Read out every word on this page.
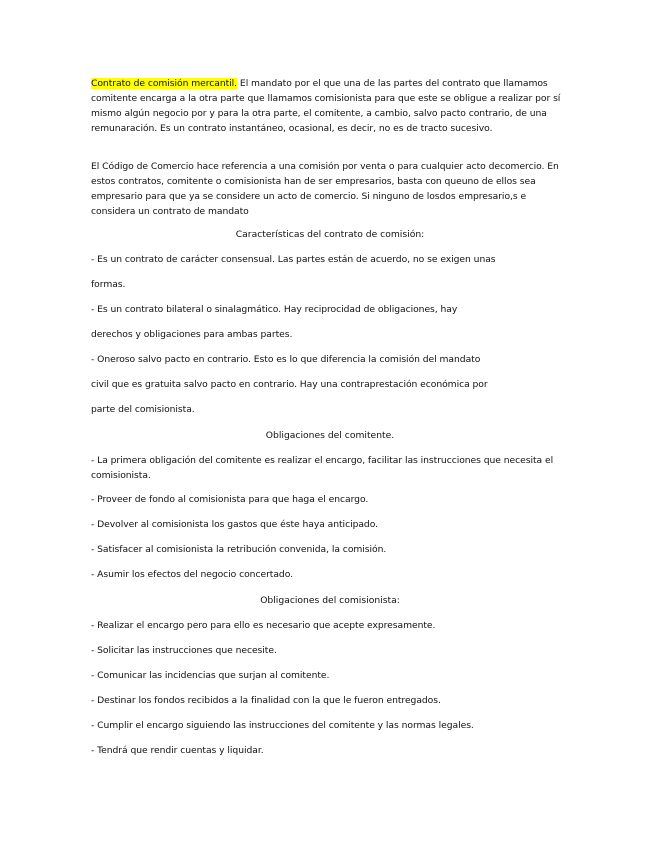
Contrato de comisión mercantil. El mandato por el que una de las partes del contrato que llamamos comitente encarga a la otra parte que llamamos comisionista para que este se obligue a realizar por sí mismo algún negocio por y para la otra parte, el comitente, a cambio, salvo pacto contrario, de una remunaración. Es un contrato instantáneo, ocasional, es decir, no es de tracto sucesivo.

El Código de Comercio hace referencia a una comisión por venta o para cualquier acto decomercio. En estos contratos, comitente o comisionista han de ser empresarios, basta con queuno de ellos sea empresario para que ya se considere un acto de comercio. Si ninguno de losdos empresario,s e considera un contrato de mandato

Características del contrato de comisión:

- Es un contrato de carácter consensual. Las partes están de acuerdo, no se exigen unas

formas.

- Es un contrato bilateral o sinalagmático. Hay reciprocidad de obligaciones, hay

derechos y obligaciones para ambas partes.

- Oneroso salvo pacto en contrario. Esto es lo que diferencia la comisión del mandato

civil que es gratuita salvo pacto en contrario. Hay una contraprestación económica por

parte del comisionista.

Obligaciones del comitente.

- La primera obligación del comitente es realizar el encargo, facilitar las instrucciones que necesita el comisionista.

- Proveer de fondo al comisionista para que haga el encargo.

- Devolver al comisionista los gastos que éste haya anticipado.

- Satisfacer al comisionista la retribución convenida, la comisión.

- Asumir los efectos del negocio concertado.

Obligaciones del comisionista:

- Realizar el encargo pero para ello es necesario que acepte expresamente.

- Solicitar las instrucciones que necesite.

- Comunicar las incidencias que surjan al comitente.

- Destinar los fondos recibidos a la finalidad con la que le fueron entregados.

- Cumplir el encargo siguiendo las instrucciones del comitente y las normas legales.

- Tendrá que rendir cuentas y liquidar.
